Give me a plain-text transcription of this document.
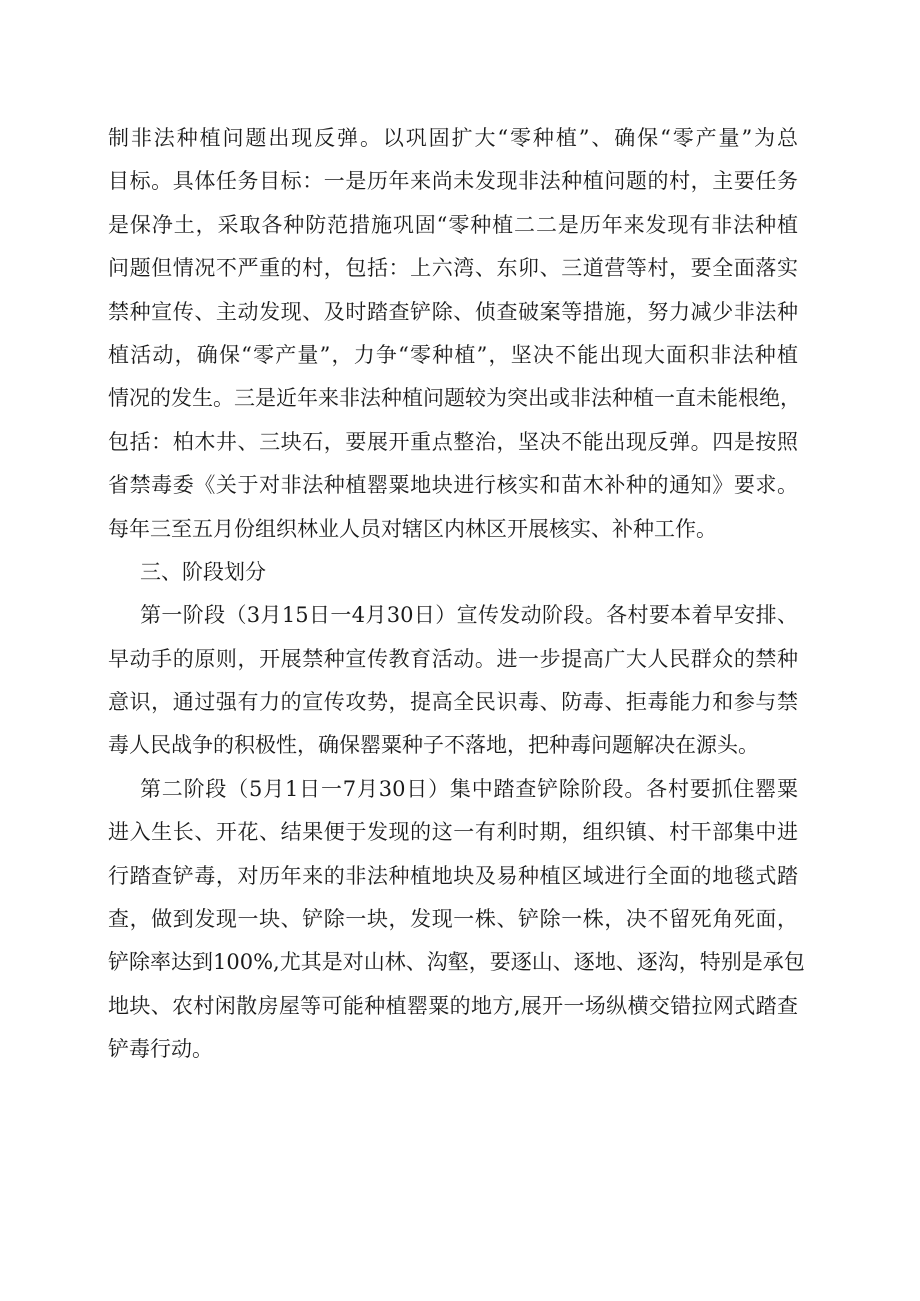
制非法种植问题出现反弹。以巩固扩大“零种植”、确保“零产量”为总
目标。具体任务目标：一是历年来尚未发现非法种植问题的村，主要任务
是保净土，采取各种防范措施巩固“零种植二二是历年来发现有非法种植
问题但情况不严重的村，包括：上六湾、东卯、三道营等村，要全面落实
禁种宣传、主动发现、及时踏查铲除、侦查破案等措施，努力减少非法种
植活动，确保“零产量”，力争“零种植”，坚决不能出现大面积非法种植
情况的发生。三是近年来非法种植问题较为突出或非法种植一直未能根绝，
包括：柏木井、三块石，要展开重点整治，坚决不能出现反弹。四是按照
省禁毒委《关于对非法种植罂粟地块进行核实和苗木补种的通知》要求。
每年三至五月份组织林业人员对辖区内林区开展核实、补种工作。
三、阶段划分
第一阶段（3月15日一4月30日）宣传发动阶段。各村要本着早安排、
早动手的原则，开展禁种宣传教育活动。进一步提高广大人民群众的禁种
意识，通过强有力的宣传攻势，提高全民识毒、防毒、拒毒能力和参与禁
毒人民战争的积极性，确保罂粟种子不落地，把种毒问题解决在源头。
第二阶段（5月1日一7月30日）集中踏查铲除阶段。各村要抓住罂粟
进入生长、开花、结果便于发现的这一有利时期，组织镇、村干部集中进
行踏查铲毒，对历年来的非法种植地块及易种植区域进行全面的地毯式踏
查，做到发现一块、铲除一块，发现一株、铲除一株，决不留死角死面，
铲除率达到100%,尤其是对山林、沟壑，要逐山、逐地、逐沟，特别是承包
地块、农村闲散房屋等可能种植罂粟的地方,展开一场纵横交错拉网式踏查
铲毒行动。
